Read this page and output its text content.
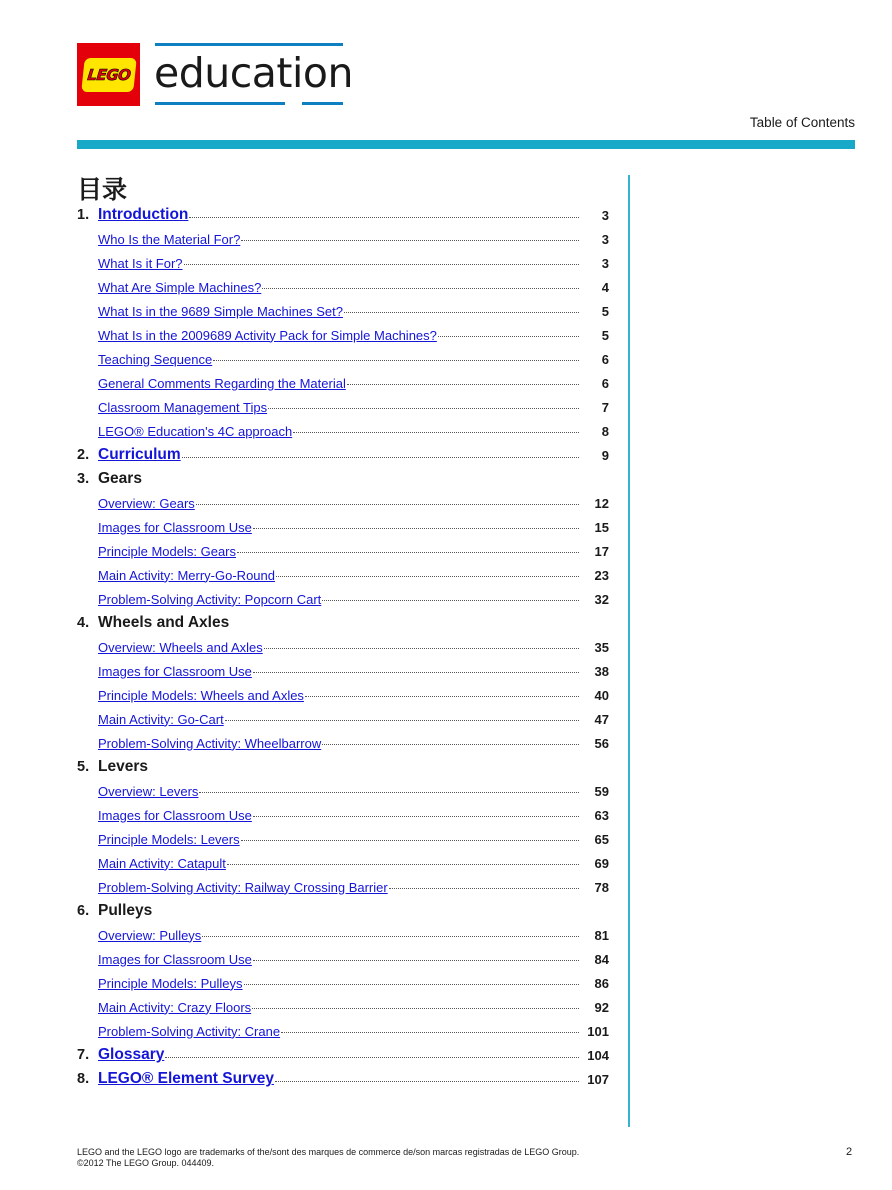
LEGO education
Table of Contents
目录
1. Introduction	3
Who Is the Material For?	3
What Is it For?	3
What Are Simple Machines?	4
What Is in the 9689 Simple Machines Set?	5
What Is in the 2009689 Activity Pack for Simple Machines?	5
Teaching Sequence	6
General Comments Regarding the Material	6
Classroom Management Tips	7
LEGO® Education's 4C approach	8
2. Curriculum	9
3. Gears
Overview: Gears	12
Images for Classroom Use	15
Principle Models: Gears	17
Main Activity: Merry-Go-Round	23
Problem-Solving Activity: Popcorn Cart	32
4. Wheels and Axles
Overview: Wheels and Axles	35
Images for Classroom Use	38
Principle Models: Wheels and Axles	40
Main Activity: Go-Cart	47
Problem-Solving Activity: Wheelbarrow	56
5. Levers
Overview: Levers	59
Images for Classroom Use	63
Principle Models: Levers	65
Main Activity: Catapult	69
Problem-Solving Activity: Railway Crossing Barrier	78
6. Pulleys
Overview: Pulleys	81
Images for Classroom Use	84
Principle Models: Pulleys	86
Main Activity: Crazy Floors	92
Problem-Solving Activity: Crane	101
7. Glossary	104
8. LEGO® Element Survey	107
LEGO and the LEGO logo are trademarks of the/sont des marques de commerce de/son marcas registradas de LEGO Group.
©2012 The LEGO Group. 044409.
2
